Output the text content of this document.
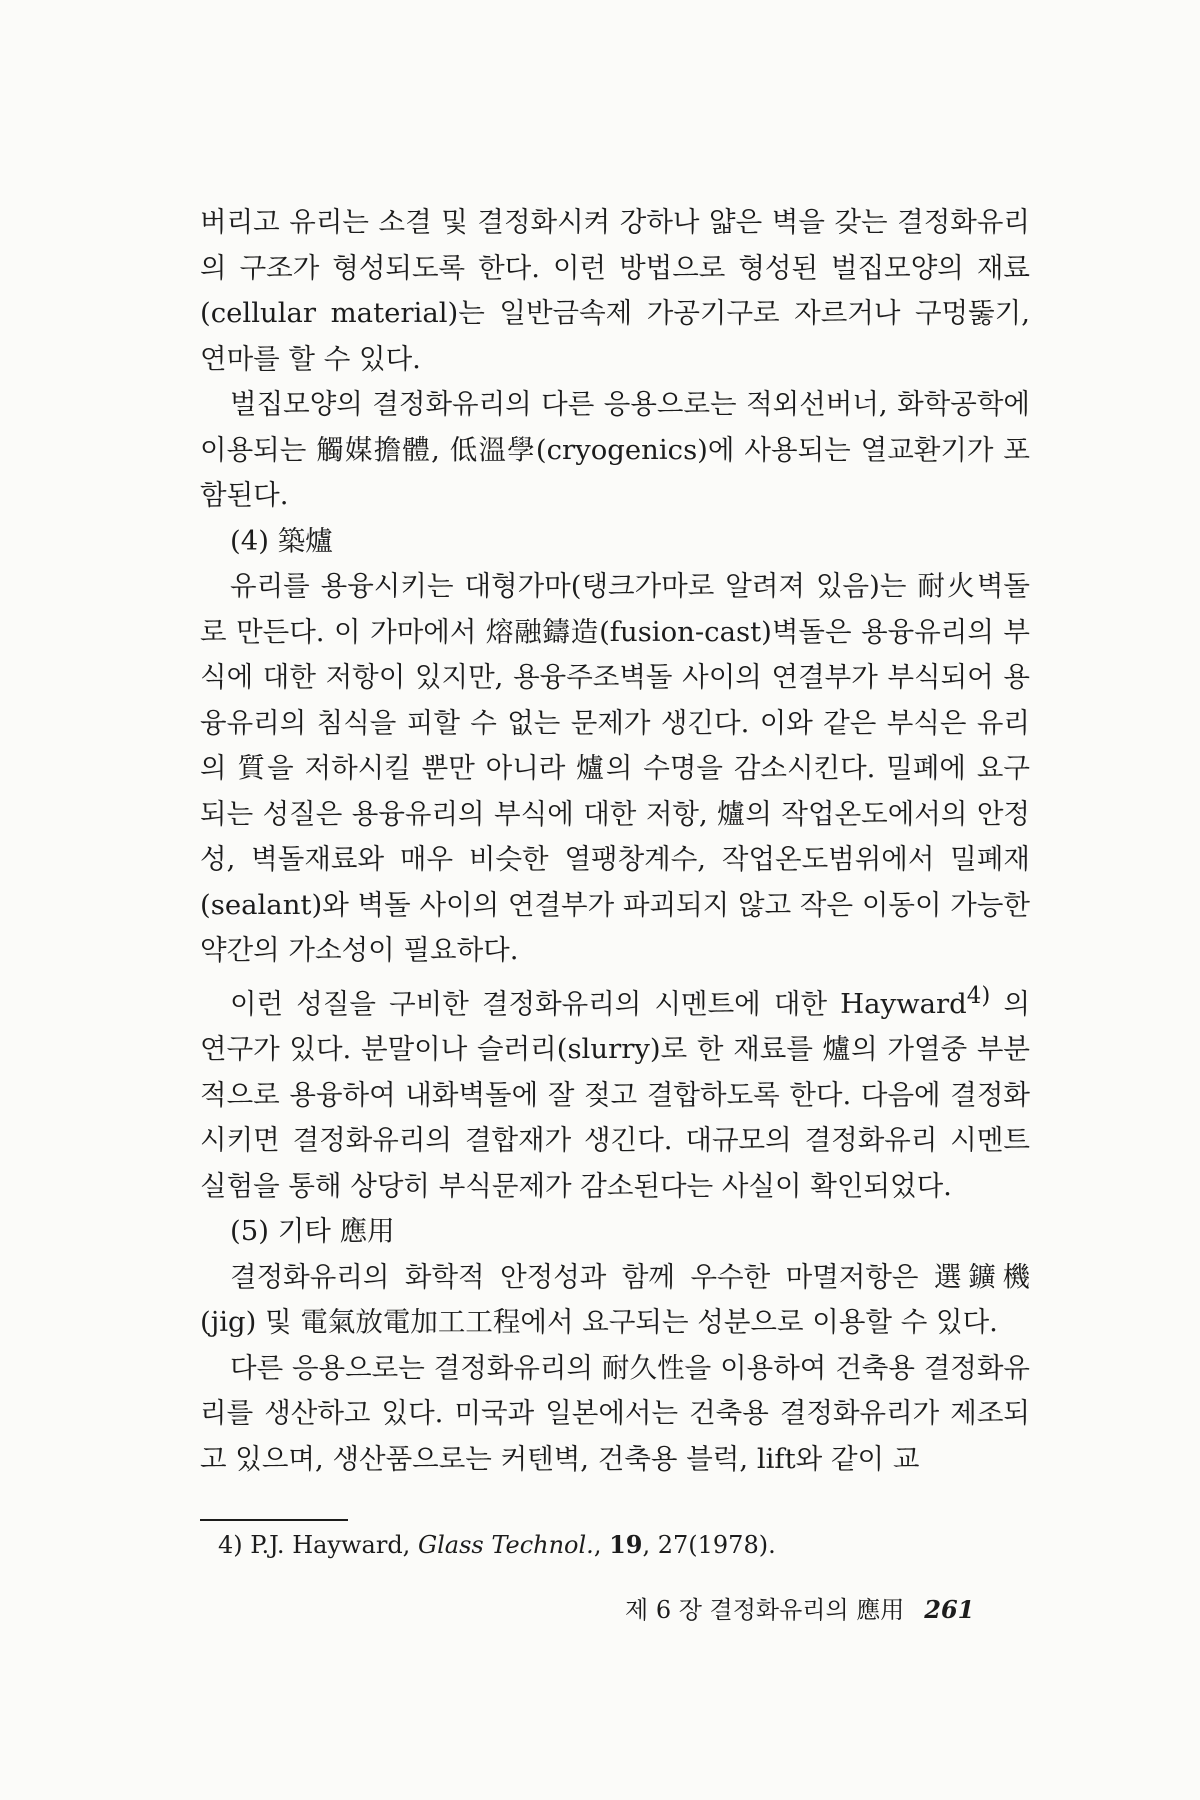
버리고 유리는 소결 및 결정화시켜 강하나 얇은 벽을 갖는 결정화유리의 구조가 형성되도록 한다. 이런 방법으로 형성된 벌집모양의 재료(cellular material)는 일반금속제 가공기구로 자르거나 구멍뚫기, 연마를 할 수 있다.

벌집모양의 결정화유리의 다른 응용으로는 적외선버너, 화학공학에 이용되는 觸媒擔體, 低溫學(cryogenics)에 사용되는 열교환기가 포함된다.

(4) 築爐

유리를 용융시키는 대형가마(탱크가마로 알려져 있음)는 耐火벽돌로 만든다. 이 가마에서 熔融鑄造(fusion-cast)벽돌은 용융유리의 부식에 대한 저항이 있지만, 용융주조벽돌 사이의 연결부가 부식되어 용융유리의 침식을 피할 수 없는 문제가 생긴다. 이와 같은 부식은 유리의 質을 저하시킬 뿐만 아니라 爐의 수명을 감소시킨다. 밀폐에 요구되는 성질은 용융유리의 부식에 대한 저항, 爐의 작업온도에서의 안정성, 벽돌재료와 매우 비슷한 열팽창계수, 작업온도범위에서 밀폐재(sealant)와 벽돌 사이의 연결부가 파괴되지 않고 작은 이동이 가능한 약간의 가소성이 필요하다.

이런 성질을 구비한 결정화유리의 시멘트에 대한 Hayward$^{4)}$ 의 연구가 있다. 분말이나 슬러리(slurry)로 한 재료를 爐의 가열중 부분적으로 용융하여 내화벽돌에 잘 젖고 결합하도록 한다. 다음에 결정화시키면 결정화유리의 결합재가 생긴다. 대규모의 결정화유리 시멘트실험을 통해 상당히 부식문제가 감소된다는 사실이 확인되었다.

(5) 기타 應用

결정화유리의 화학적 안정성과 함께 우수한 마멸저항은 選鑛機(jig) 및 電氣放電加工工程에서 요구되는 성분으로 이용할 수 있다.

다른 응용으로는 결정화유리의 耐久性을 이용하여 건축용 결정화유리를 생산하고 있다. 미국과 일본에서는 건축용 결정화유리가 제조되고 있으며, 생산품으로는 커텐벽, 건축용 블럭, lift와 같이 교

4) P.J. Hayward, Glass Technol., 19, 27(1978).
제 6 장 결정화유리의 應用 261
